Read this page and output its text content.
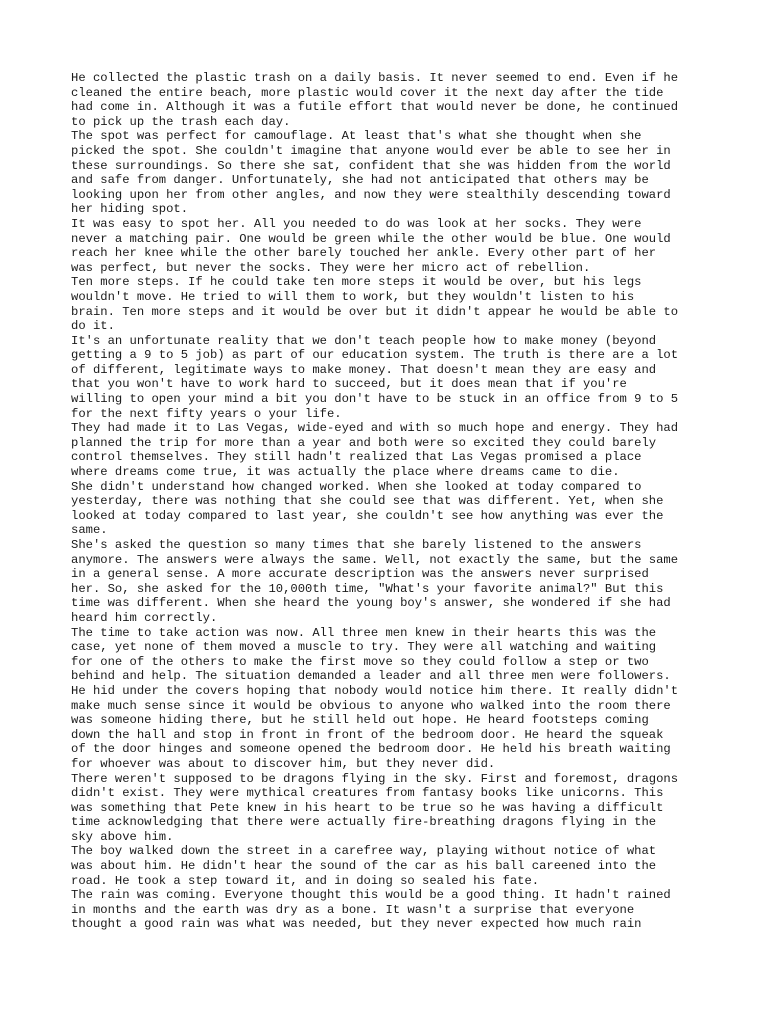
He collected the plastic trash on a daily basis. It never seemed to end. Even if he
cleaned the entire beach, more plastic would cover it the next day after the tide
had come in. Although it was a futile effort that would never be done, he continued
to pick up the trash each day.

The spot was perfect for camouflage. At least that's what she thought when she
picked the spot. She couldn't imagine that anyone would ever be able to see her in
these surroundings. So there she sat, confident that she was hidden from the world
and safe from danger. Unfortunately, she had not anticipated that others may be
looking upon her from other angles, and now they were stealthily descending toward
her hiding spot.

It was easy to spot her. All you needed to do was look at her socks. They were
never a matching pair. One would be green while the other would be blue. One would
reach her knee while the other barely touched her ankle. Every other part of her
was perfect, but never the socks. They were her micro act of rebellion.

Ten more steps. If he could take ten more steps it would be over, but his legs
wouldn't move. He tried to will them to work, but they wouldn't listen to his
brain. Ten more steps and it would be over but it didn't appear he would be able to
do it.

It's an unfortunate reality that we don't teach people how to make money (beyond
getting a 9 to 5 job) as part of our education system. The truth is there are a lot
of different, legitimate ways to make money. That doesn't mean they are easy and
that you won't have to work hard to succeed, but it does mean that if you're
willing to open your mind a bit you don't have to be stuck in an office from 9 to 5
for the next fifty years o your life.

They had made it to Las Vegas, wide-eyed and with so much hope and energy. They had
planned the trip for more than a year and both were so excited they could barely
control themselves. They still hadn't realized that Las Vegas promised a place
where dreams come true, it was actually the place where dreams came to die.

She didn't understand how changed worked. When she looked at today compared to
yesterday, there was nothing that she could see that was different. Yet, when she
looked at today compared to last year, she couldn't see how anything was ever the
same.

She's asked the question so many times that she barely listened to the answers
anymore. The answers were always the same. Well, not exactly the same, but the same
in a general sense. A more accurate description was the answers never surprised
her. So, she asked for the 10,000th time, "What's your favorite animal?" But this
time was different. When she heard the young boy's answer, she wondered if she had
heard him correctly.

The time to take action was now. All three men knew in their hearts this was the
case, yet none of them moved a muscle to try. They were all watching and waiting
for one of the others to make the first move so they could follow a step or two
behind and help. The situation demanded a leader and all three men were followers.

He hid under the covers hoping that nobody would notice him there. It really didn't
make much sense since it would be obvious to anyone who walked into the room there
was someone hiding there, but he still held out hope. He heard footsteps coming
down the hall and stop in front in front of the bedroom door. He heard the squeak
of the door hinges and someone opened the bedroom door. He held his breath waiting
for whoever was about to discover him, but they never did.

There weren't supposed to be dragons flying in the sky. First and foremost, dragons
didn't exist. They were mythical creatures from fantasy books like unicorns. This
was something that Pete knew in his heart to be true so he was having a difficult
time acknowledging that there were actually fire-breathing dragons flying in the
sky above him.

The boy walked down the street in a carefree way, playing without notice of what
was about him. He didn't hear the sound of the car as his ball careened into the
road. He took a step toward it, and in doing so sealed his fate.

The rain was coming. Everyone thought this would be a good thing. It hadn't rained
in months and the earth was dry as a bone. It wasn't a surprise that everyone
thought a good rain was what was needed, but they never expected how much rain
